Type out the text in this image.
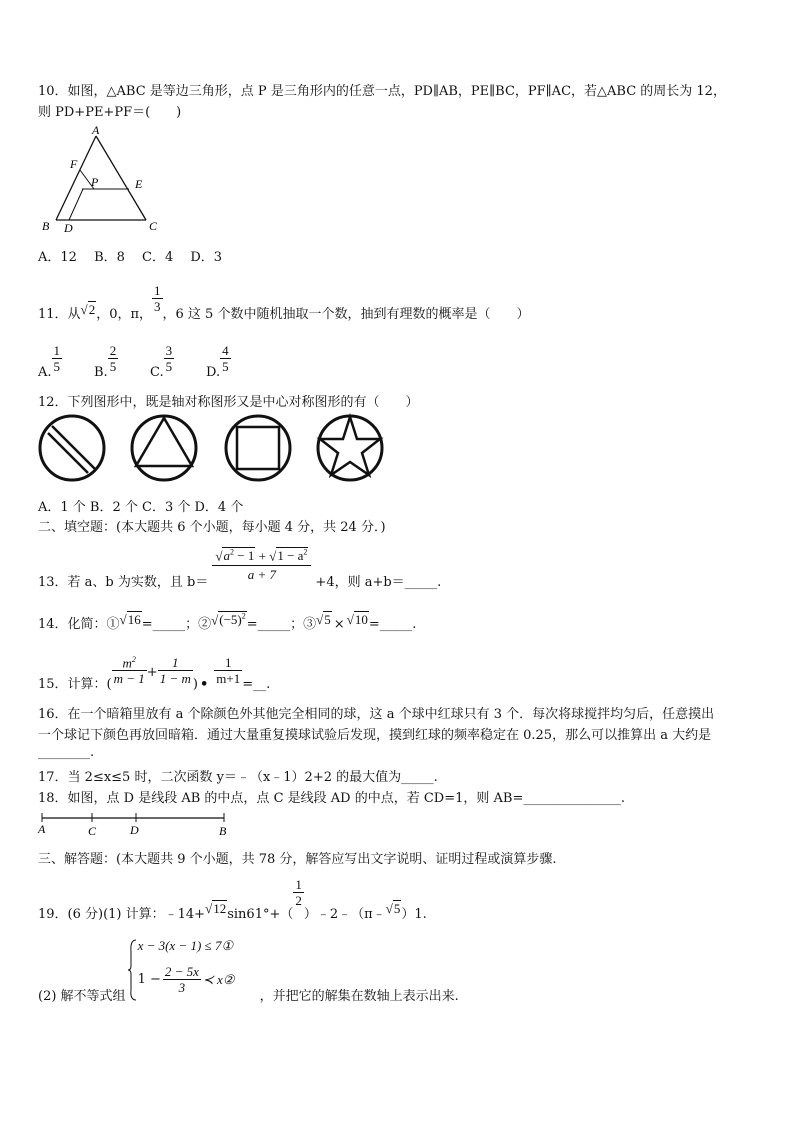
10．如图，△ABC 是等边三角形，点 P 是三角形内的任意一点，PD∥AB，PE∥BC，PF∥AC，若△ABC 的周长为 12，
则 PD+PE+PF＝(　　)
A
F
P	E
B D	C
A．12　 B．8　 C．4　 D．3
11．从 √2 ，0，π，
$\frac{1}{3}$
，6 这 5 个数中随机抽取一个数，抽到有理数的概率是（　　）
A. $\frac{1}{5} B$. $\frac{2}{5} C$. $\frac{3}{5} D$. $\frac{4}{5}$
12．下列图形中，既是轴对称图形又是中心对称图形的有（　　）
A．1 个 B．2 个 C．3 个 D．4 个
二、填空题：(本大题共 6 个小题，每小题 4 分，共 24 分．)
13．若 a、b 为实数，且 $b= \frac{√a^2 - 1 + √1 - a^2}{a + 7} +4$，则 a+b＝_____.
14．化简：① √16 =_____；② $√(-5)^2$
=_____；③ √5 × √10 =_____.
15．计算：( $\frac{m^2}{m - 1} + \frac{1}{1 - m}$ ) • $\frac{1}{m+1}$ =__.
16．在一个暗箱里放有 a 个除颜色外其他完全相同的球，这 a 个球中红球只有 3 个．每次将球搅拌均匀后，任意摸出
一个球记下颜色再放回暗箱．通过大量重复摸球试验后发现，摸到红球的频率稳定在 0.25，那么可以推算出 a 大约是
________.
17．当 2≤x≤5 时，二次函数 y＝﹣（x﹣1）2+2 的最大值为_____.
18．如图，点 D 是线段 AB 的中点，点 C 是线段 AD 的中点，若 CD=1，则 AB=_______________.
A	C	D	B
三、解答题：(本大题共 9 个小题，共 78 分，解答应写出文字说明、证明过程或演算步骤.
19．(6 分)(1) 计算：﹣14+ √12 sin61°+（
$\frac{1}{2}$
）﹣2﹣（π﹣ √5 ）1.
(2) 解不等式组
x − 3(x − 1) ≤ 7①
$1 - \frac{2 - 5x}{3}$ ≺ x②
，并把它的解集在数轴上表示出来.
